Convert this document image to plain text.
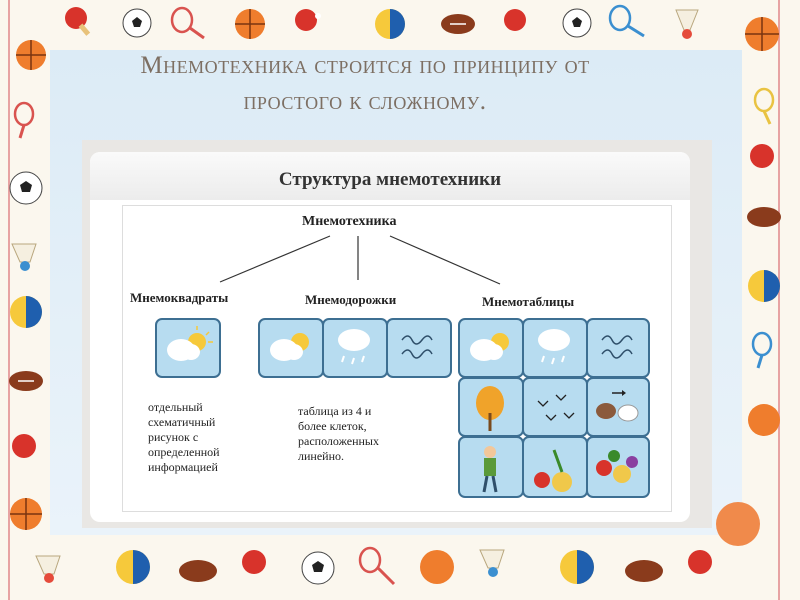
Мнемотехника строится по принципу от
простого к сложному.
Структура мнемотехники
Мнемотехника
Мнемоквадраты	Мнемодорожки	Мнемотаблицы
отдельный
схематичный
рисунок с
определенной
информацией
таблица из 4 и
более клеток,
расположенных
линейно.
